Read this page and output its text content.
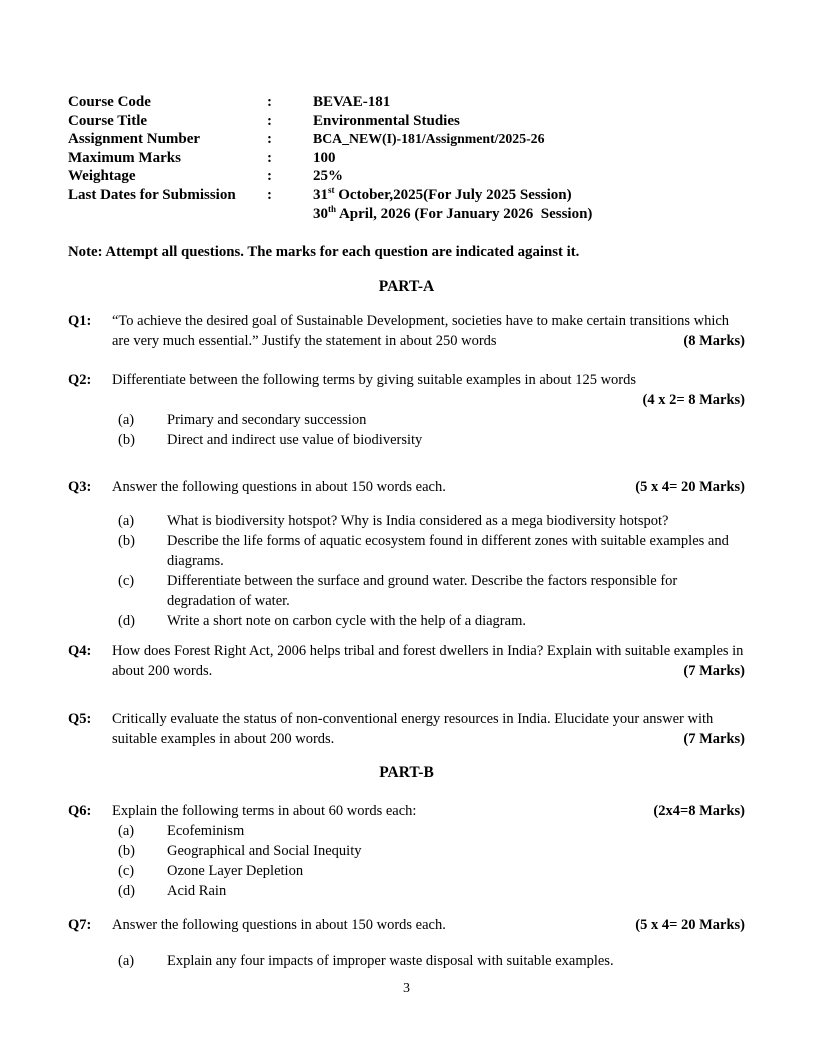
Course Code	:	BEVAE-181
Course Title	:	Environmental Studies
Assignment Number	:	BCA_NEW(I)-181/Assignment/2025-26
Maximum Marks	:	100
Weightage	:	25%
Last Dates for Submission	:	31st October,2025(For July 2025 Session)
30th April, 2026 (For January 2026  Session)
Note: Attempt all questions. The marks for each question are indicated against it.
PART-A
Q1:	“To achieve the desired goal of Sustainable Development, societies have to make certain transitions which are very much essential.” Justify the statement in about 250 words	(8 Marks)
Q2:	Differentiate between the following terms by giving suitable examples in about 125 words
(4 x 2= 8 Marks)
(a)	Primary and secondary succession
(b)	Direct and indirect use value of biodiversity
Q3:	Answer the following questions in about 150 words each.	(5 x 4= 20 Marks)
(a)	What is biodiversity hotspot? Why is India considered as a mega biodiversity hotspot?
(b)	Describe the life forms of aquatic ecosystem found in different zones with suitable examples and diagrams.
(c)	Differentiate between the surface and ground water. Describe the factors responsible for degradation of water.
(d)	Write a short note on carbon cycle with the help of a diagram.
Q4:	How does Forest Right Act, 2006 helps tribal and forest dwellers in India? Explain with suitable examples in about 200 words.	(7 Marks)
Q5:	Critically evaluate the status of non-conventional energy resources in India. Elucidate your answer with suitable examples in about 200 words.	(7 Marks)
PART-B
Q6:	Explain the following terms in about 60 words each:	(2x4=8 Marks)
(a)	Ecofeminism
(b)	Geographical and Social Inequity
(c)	Ozone Layer Depletion
(d)	Acid Rain
Q7:	Answer the following questions in about 150 words each.	(5 x 4= 20 Marks)
(a)	Explain any four impacts of improper waste disposal with suitable examples.
3
